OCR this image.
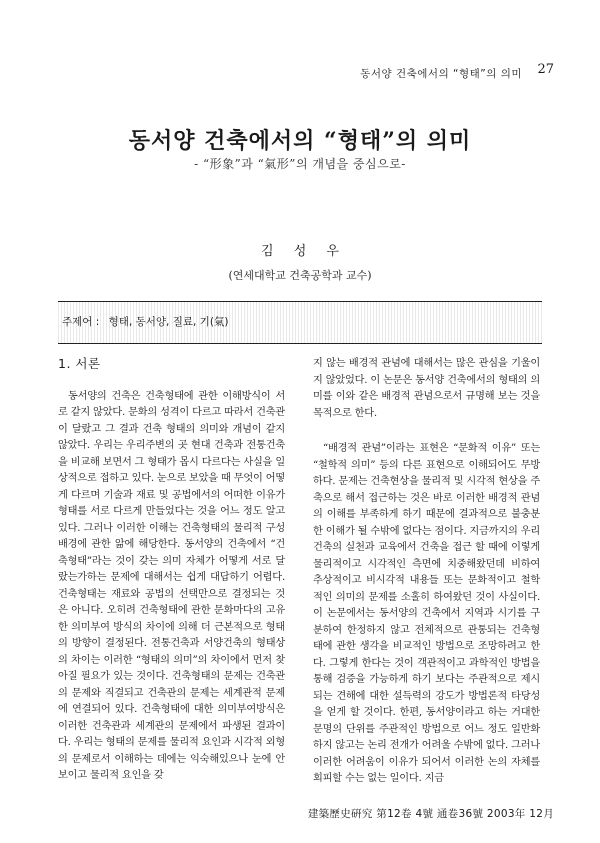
동서양 건축에서의 “형태”의 의미 27
동서양 건축에서의 “형태”의 의미
- “形象”과 “氣形”의 개념을 중심으로-
김 성 우
(연세대학교 건축공학과 교수)
주제어 : 형태, 동서양, 질료, 기(氣)
1. 서론

동서양의 건축은 건축형태에 관한 이해방식이 서로 같지 않았다. 문화의 성격이 다르고 따라서 건축관이 달랐고 그 결과 건축 형태의 의미와 개념이 같지 않았다. 우리는 우리주변의 곳 현대 건축과 전통건축을 비교해 보면서 그 형태가 몹시 다르다는 사실을 일상적으로 접하고 있다. 눈으로 보았을 때 무엇이 어떻게 다르며 기술과 재료 및 공법에서의 어떠한 이유가 형태를 서로 다르게 만들었다는 것을 어느 정도 알고 있다. 그러나 이러한 이해는 건축형태의 물리적 구성배경에 관한 앎에 해당한다. 동서양의 건축에서 “건축형태”라는 것이 갖는 의미 자체가 어떻게 서로 달랐는가하는 문제에 대해서는 쉽게 대답하기 어렵다. 건축형태는 재료와 공법의 선택만으로 결정되는 것은 아니다. 오히려 건축형태에 관한 문화마다의 고유한 의미부여 방식의 차이에 의해 더 근본적으로 형태의 방향이 결정된다. 전통건축과 서양건축의 형태상의 차이는 이러한 “형태의 의미”의 차이에서 먼저 찾아질 필요가 있는 것이다. 건축형태의 문제는 건축관의 문제와 직결되고 건축관의 문제는 세계관적 문제에 연결되어 있다. 건축형태에 대한 의미부여방식은 이러한 건축관과 세계관의 문제에서 파생된 결과이다. 우리는 형태의 문제를 물리적 요인과 시각적 외형의 문제로서 이해하는 데에는 익숙해있으나 눈에 안보이고 물리적 요인을 갖

지 않는 배경적 관념에 대해서는 많은 관심을 기울이지 않았었다. 이 논문은 동서양 건축에서의 형태의 의미를 이와 같은 배경적 관념으로서 규명해 보는 것을 목적으로 한다.

“배경적 관념”이라는 표현은 “문화적 이유” 또는 “철학적 의미” 등의 다른 표현으로 이해되어도 무방하다. 문제는 건축현상을 물리적 및 시각적 현상을 주축으로 해서 접근하는 것은 바로 이러한 배경적 관념의 이해를 부족하게 하기 때문에 결과적으로 불충분한 이해가 될 수밖에 없다는 점이다. 지금까지의 우리건축의 실천과 교육에서 건축을 접근 할 때에 이렇게 물리적이고 시각적인 측면에 치중해왔던데 비하여 추상적이고 비시각적 내용들 또는 문화적이고 철학적인 의미의 문제를 소홀히 하여왔던 것이 사실이다. 이 논문에서는 동서양의 건축에서 지역과 시기를 구분하여 한정하지 않고 전체적으로 관통되는 건축형태에 관한 생각을 비교적인 방법으로 조망하려고 한다. 그렇게 한다는 것이 객관적이고 과학적인 방법을 통해 검증을 가능하게 하기 보다는 주관적으로 제시되는 견해에 대한 설득력의 강도가 방법론적 타당성을 얻게 할 것이다. 한편, 동서양이라고 하는 거대한 문명의 단위를 주관적인 방법으로 어느 정도 일반화 하지 않고는 논리 전개가 어려울 수밖에 없다. 그러나 이러한 어려움이 이유가 되어서 이러한 논의 자체를 회피할 수는 없는 일이다. 지금

建築歷史硏究 第12卷 4號 通卷36號 2003年 12月
